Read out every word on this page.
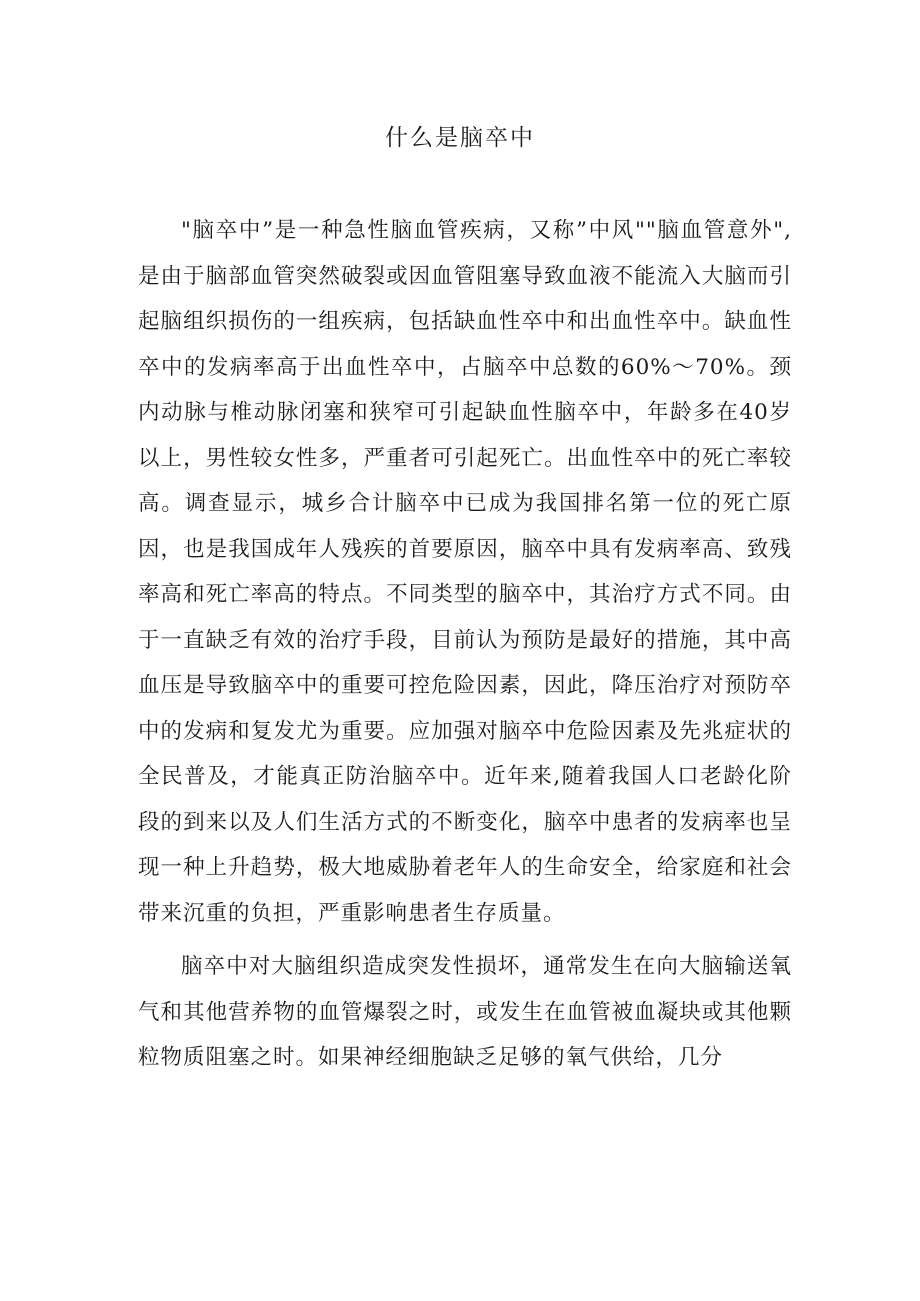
什么是脑卒中

"脑卒中”是一种急性脑血管疾病，又称”中风""脑血管意外",是由于脑部血管突然破裂或因血管阻塞导致血液不能流入大脑而引起脑组织损伤的一组疾病，包括缺血性卒中和出血性卒中。缺血性卒中的发病率高于出血性卒中，占脑卒中总数的60%～70%。颈内动脉与椎动脉闭塞和狭窄可引起缺血性脑卒中，年龄多在40岁以上，男性较女性多，严重者可引起死亡。出血性卒中的死亡率较高。调查显示，城乡合计脑卒中已成为我国排名第一位的死亡原因，也是我国成年人残疾的首要原因，脑卒中具有发病率高、致残率高和死亡率高的特点。不同类型的脑卒中，其治疗方式不同。由于一直缺乏有效的治疗手段，目前认为预防是最好的措施，其中高血压是导致脑卒中的重要可控危险因素，因此，降压治疗对预防卒中的发病和复发尤为重要。应加强对脑卒中危险因素及先兆症状的全民普及，才能真正防治脑卒中。近年来,随着我国人口老龄化阶段的到来以及人们生活方式的不断变化，脑卒中患者的发病率也呈现一种上升趋势，极大地威胁着老年人的生命安全，给家庭和社会带来沉重的负担，严重影响患者生存质量。

脑卒中对大脑组织造成突发性损坏，通常发生在向大脑输送氧气和其他营养物的血管爆裂之时，或发生在血管被血凝块或其他颗粒物质阻塞之时。如果神经细胞缺乏足够的氧气供给，几分
